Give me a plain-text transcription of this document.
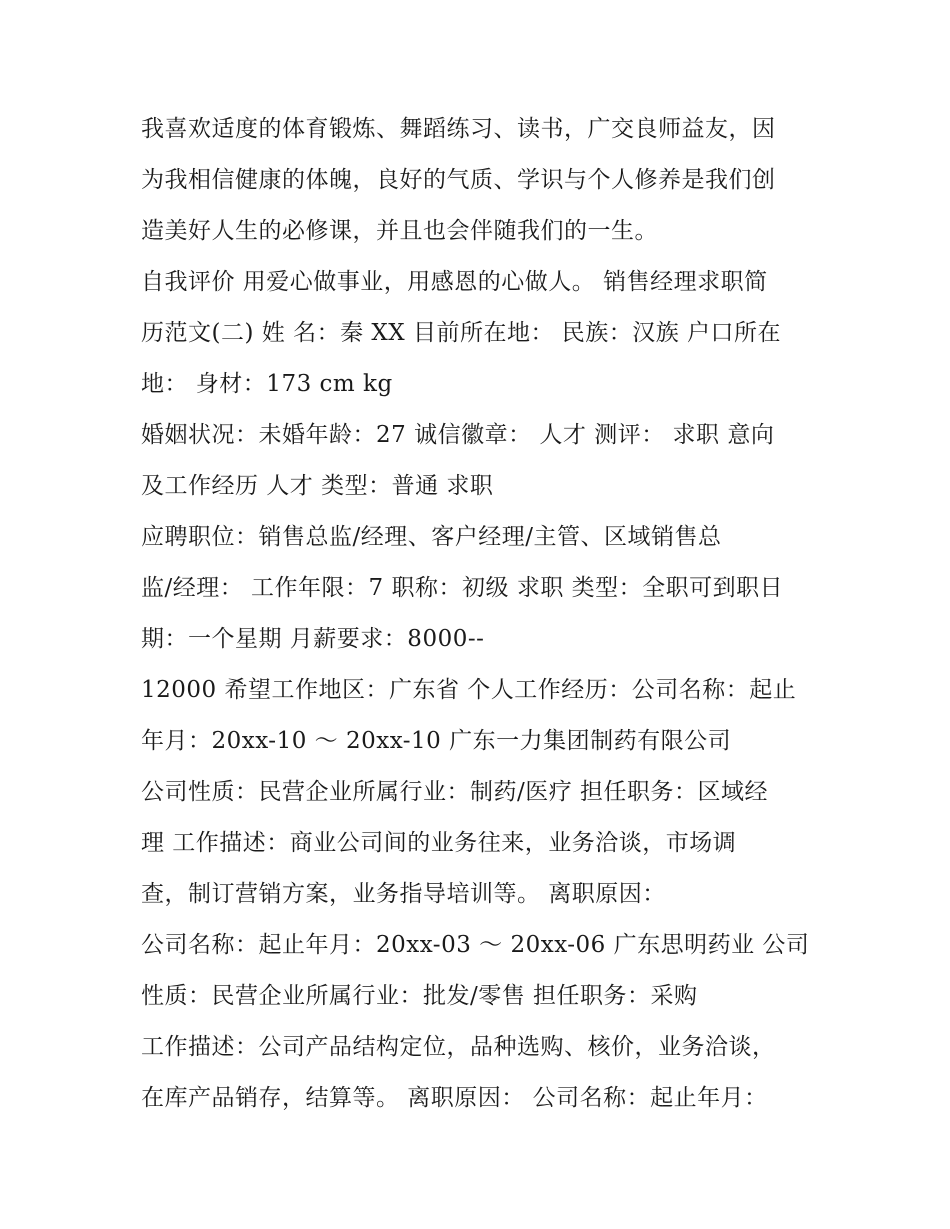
我喜欢适度的体育锻炼、舞蹈练习、读书，广交良师益友，因
为我相信健康的体魄，良好的气质、学识与个人修养是我们创
造美好人生的必修课，并且也会伴随我们的一生。
自我评价 用爱心做事业，用感恩的心做人。 销售经理求职简
历范文(二) 姓 名：秦 XX 目前所在地： 民族：汉族 户口所在
地： 身材：173 cm kg
婚姻状况：未婚年龄：27 诚信徽章： 人才 测评： 求职 意向
及工作经历 人才 类型：普通 求职
应聘职位：销售总监/经理、客户经理/主管、区域销售总
监/经理： 工作年限：7 职称：初级 求职 类型：全职可到职日
期：一个星期 月薪要求：8000--
12000 希望工作地区：广东省 个人工作经历：公司名称：起止
年月：20xx-10 ～ 20xx-10 广东一力集团制药有限公司
公司性质：民营企业所属行业：制药/医疗 担任职务：区域经
理 工作描述：商业公司间的业务往来，业务洽谈，市场调
查，制订营销方案，业务指导培训等。 离职原因：
公司名称：起止年月：20xx-03 ～ 20xx-06 广东思明药业 公司
性质：民营企业所属行业：批发/零售 担任职务：采购
工作描述：公司产品结构定位，品种选购、核价，业务洽谈，
在库产品销存，结算等。 离职原因： 公司名称：起止年月：
